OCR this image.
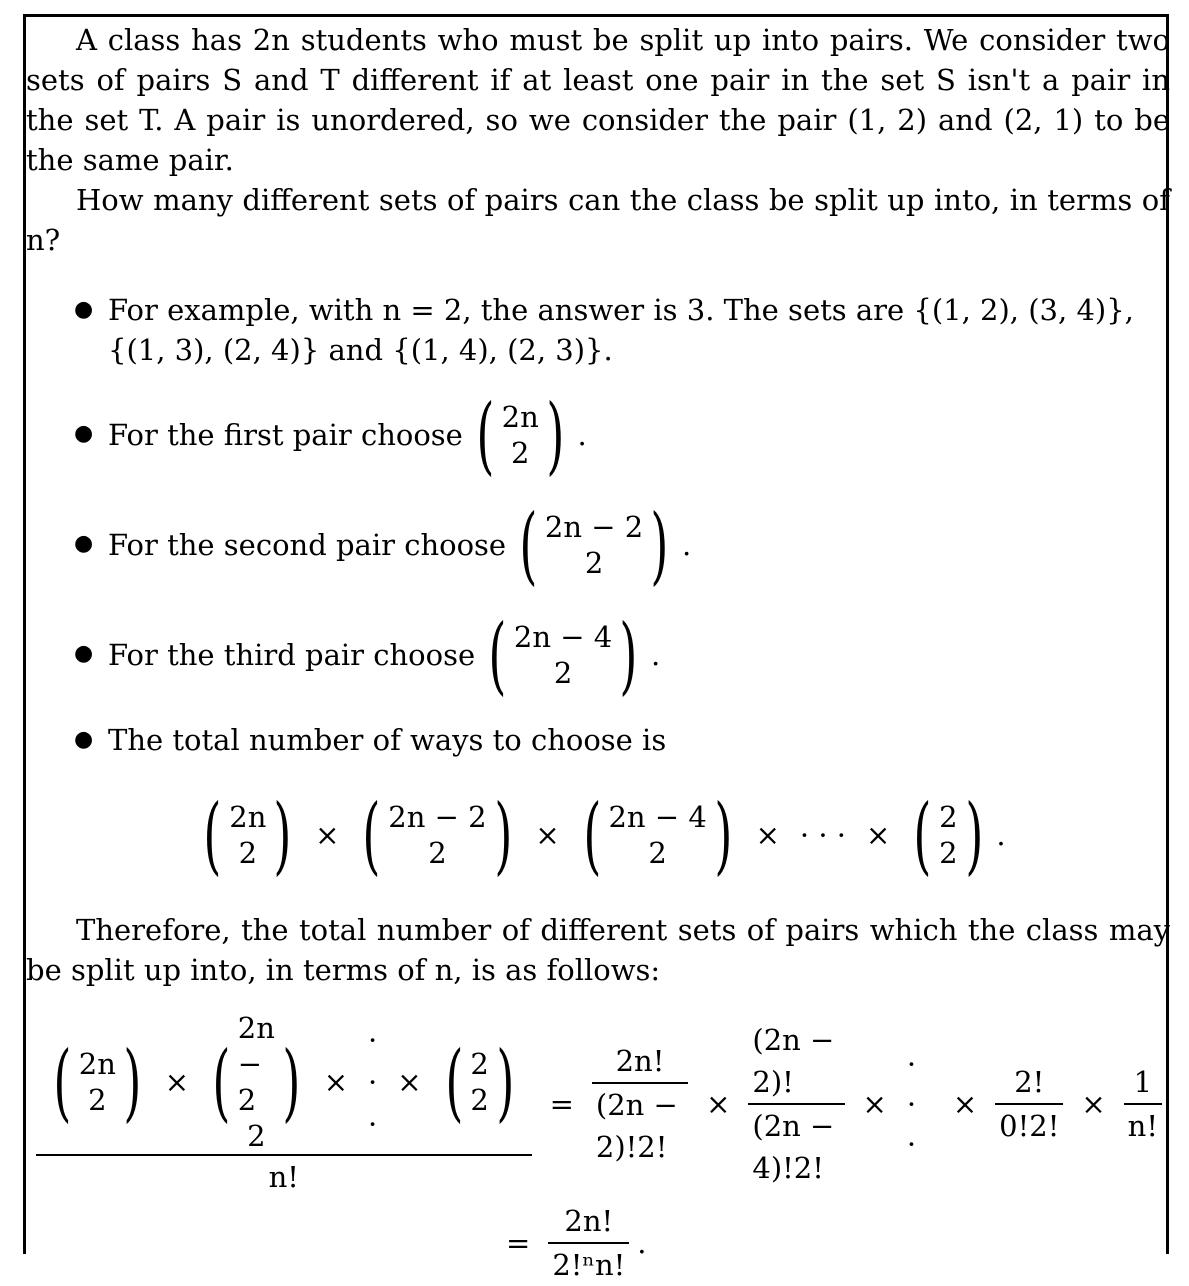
A class has 2n students who must be split up into pairs. We consider two sets of pairs S and T different if at least one pair in the set S isn't a pair in the set T. A pair is unordered, so we consider the pair (1, 2) and (2, 1) to be the same pair.

How many different sets of pairs can the class be split up into, in terms of n?

● For example, with n = 2, the answer is 3. The sets are {(1, 2), (3, 4)},
{(1, 3), (2, 4)} and {(1, 4), (2, 3)}.
● For the first pair choose ( 2n
2 ) .
● For the second pair choose ( 2n − 2
2 ) .
● For the third pair choose ( 2n − 4
2 ) .
● The total number of ways to choose is
( 2n
2 ) × ( 2n − 2
2 ) × ( 2n − 4
2 ) × · · · × ( 2
2 ) .

Therefore, the total number of different sets of pairs which the class may be split up into, in terms of n, is as follows:

( 2n
2 ) × (
2n − 2
2
) ×
· · ·
× ( 2
2 )
n!
= $\frac{2n!}{(2n - 2)!2!} \times \frac{(2n - 2)!}{(2n - 4)!2!}$ ×
· · ·
× $\frac{2!}{0!2!} \times \frac{1}{n!}$
= $\frac{2n!}{\text{2!ⁿn!}}$ .
